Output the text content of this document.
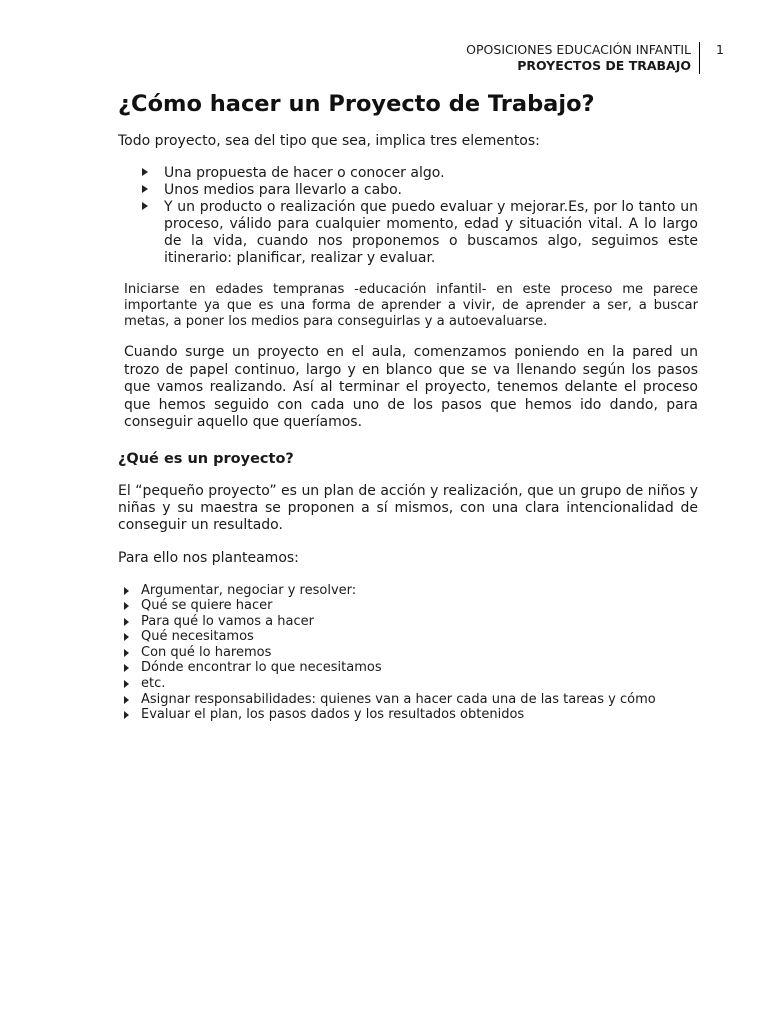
OPOSICIONES EDUCACIÓN INFANTIL
PROYECTOS DE TRABAJO
1
¿Cómo hacer un Proyecto de Trabajo?

Todo proyecto, sea del tipo que sea, implica tres elementos:

Una propuesta de hacer o conocer algo.
Unos medios para llevarlo a cabo.
Y un producto o realización que puedo evaluar y mejorar.Es, por lo tanto un proceso, válido para cualquier momento, edad y situación vital. A lo largo de la vida, cuando nos proponemos o buscamos algo, seguimos este itinerario: planificar, realizar y evaluar.

Iniciarse en edades tempranas -educación infantil- en este proceso me parece importante ya que es una forma de aprender a vivir, de aprender a ser, a buscar metas, a poner los medios para conseguirlas y a autoevaluarse.

Cuando surge un proyecto en el aula, comenzamos poniendo en la pared un trozo de papel continuo, largo y en blanco que se va llenando según los pasos que vamos realizando. Así al terminar el proyecto, tenemos delante el proceso que hemos seguido con cada uno de los pasos que hemos ido dando, para conseguir aquello que queríamos.

¿Qué es un proyecto?

El “pequeño proyecto” es un plan de acción y realización, que un grupo de niños y niñas y su maestra se proponen a sí mismos, con una clara intencionalidad de conseguir un resultado.

Para ello nos planteamos:

Argumentar, negociar y resolver:
Qué se quiere hacer
Para qué lo vamos a hacer
Qué necesitamos
Con qué lo haremos
Dónde encontrar lo que necesitamos
etc.
Asignar responsabilidades: quienes van a hacer cada una de las tareas y cómo
Evaluar el plan, los pasos dados y los resultados obtenidos
